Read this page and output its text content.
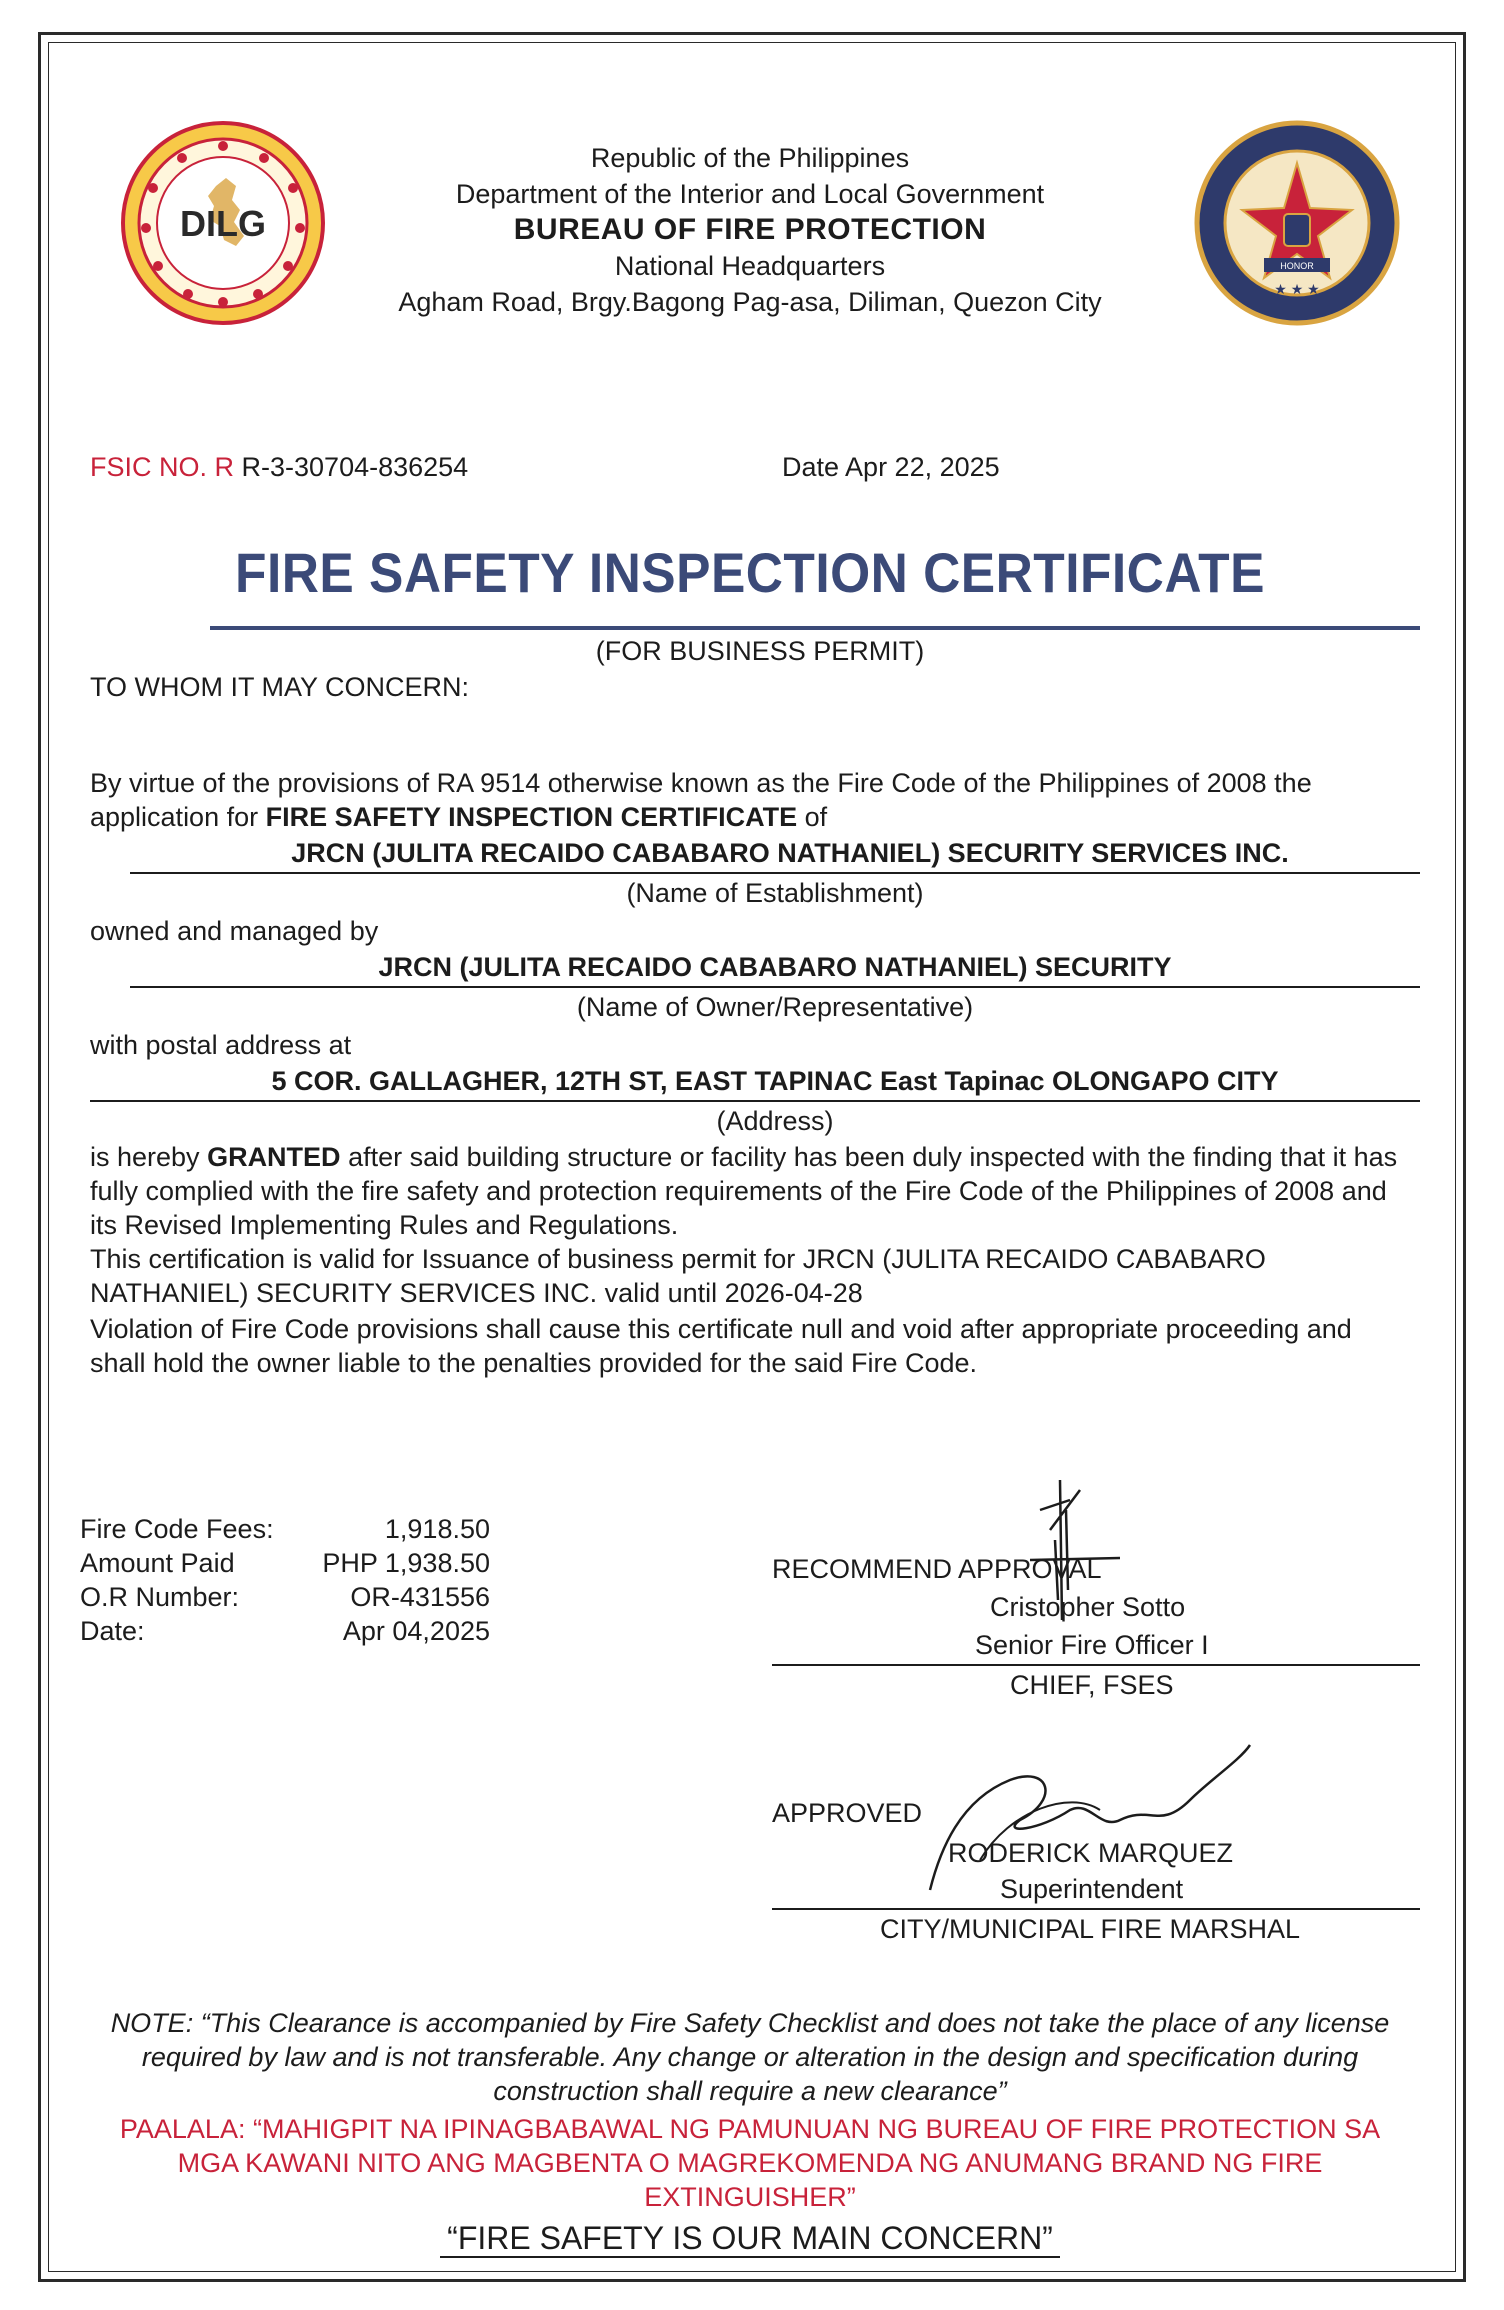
DILG
HONOR
★ ★ ★
Republic of the Philippines
Department of the Interior and Local Government
BUREAU OF FIRE PROTECTION
National Headquarters
Agham Road, Brgy.Bagong Pag-asa, Diliman, Quezon City
FSIC NO. R R-3-30704-836254	Date Apr 22, 2025
FIRE SAFETY INSPECTION CERTIFICATE
(FOR BUSINESS PERMIT)
TO WHOM IT MAY CONCERN:
By virtue of the provisions of RA 9514 otherwise known as the Fire Code of the Philippines of 2008 the
application for FIRE SAFETY INSPECTION CERTIFICATE of
JRCN (JULITA RECAIDO CABABARO NATHANIEL) SECURITY SERVICES INC.
(Name of Establishment)
owned and managed by
JRCN (JULITA RECAIDO CABABARO NATHANIEL) SECURITY
(Name of Owner/Representative)
with postal address at
5 COR. GALLAGHER, 12TH ST, EAST TAPINAC East Tapinac OLONGAPO CITY
(Address)
is hereby GRANTED after said building structure or facility has been duly inspected with the finding that it has
fully complied with the fire safety and protection requirements of the Fire Code of the Philippines of 2008 and
its Revised Implementing Rules and Regulations.
This certification is valid for Issuance of business permit for JRCN (JULITA RECAIDO CABABARO
NATHANIEL) SECURITY SERVICES INC. valid until 2026-04-28
Violation of Fire Code provisions shall cause this certificate null and void after appropriate proceeding and
shall hold the owner liable to the penalties provided for the said Fire Code.
Fire Code Fees:	1,918.50
Amount Paid	PHP 1,938.50
O.R Number:	OR-431556
Date:	Apr 04,2025
RECOMMEND APPROVAL
Cristopher Sotto
Senior Fire Officer I
CHIEF, FSES
APPROVED
RODERICK MARQUEZ
Superintendent
CITY/MUNICIPAL FIRE MARSHAL
NOTE: “This Clearance is accompanied by Fire Safety Checklist and does not take the place of any license
required by law and is not transferable. Any change or alteration in the design and specification during
construction shall require a new clearance”
PAALALA: “MAHIGPIT NA IPINAGBABAWAL NG PAMUNUAN NG BUREAU OF FIRE PROTECTION SA
MGA KAWANI NITO ANG MAGBENTA O MAGREKOMENDA NG ANUMANG BRAND NG FIRE
EXTINGUISHER”
“FIRE SAFETY IS OUR MAIN CONCERN”
